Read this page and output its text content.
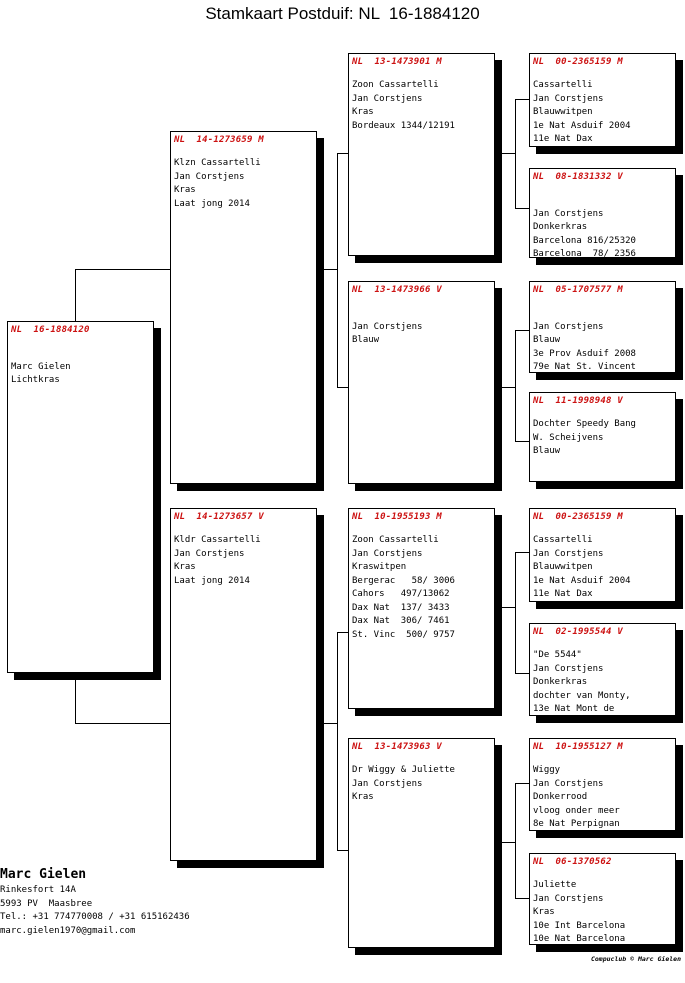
Stamkaart Postduif: NL  16-1884120
NL  16-1884120

Marc Gielen
Lichtkras
NL  14-1273659 M
Klzn Cassartelli
Jan Corstjens
Kras
Laat jong 2014
NL  14-1273657 V
Kldr Cassartelli
Jan Corstjens
Kras
Laat jong 2014
NL  13-1473901 M
Zoon Cassartelli
Jan Corstjens
Kras
Bordeaux 1344/12191
NL  13-1473966 V

Jan Corstjens
Blauw
NL  10-1955193 M
Zoon Cassartelli
Jan Corstjens
Kraswitpen
Bergerac   58/ 3006
Cahors   497/13062
Dax Nat  137/ 3433
Dax Nat  306/ 7461
St. Vinc  500/ 9757
NL  13-1473963 V
Dr Wiggy & Juliette
Jan Corstjens
Kras
NL  00-2365159 M
Cassartelli
Jan Corstjens
Blauwwitpen
1e Nat Asduif 2004
11e Nat Dax
NL  08-1831332 V

Jan Corstjens
Donkerkras
Barcelona 816/25320
Barcelona  78/ 2356
NL  05-1707577 M

Jan Corstjens
Blauw
3e Prov Asduif 2008
79e Nat St. Vincent
NL  11-1998948 V
Dochter Speedy Bang
W. Scheijvens
Blauw
NL  00-2365159 M
Cassartelli
Jan Corstjens
Blauwwitpen
1e Nat Asduif 2004
11e Nat Dax
NL  02-1995544 V
"De 5544"
Jan Corstjens
Donkerkras
dochter van Monty,
13e Nat Mont de
NL  10-1955127 M
Wiggy
Jan Corstjens
Donkerrood
vloog onder meer
8e Nat Perpignan
NL  06-1370562
Juliette
Jan Corstjens
Kras
10e Int Barcelona
10e Nat Barcelona
Marc Gielen
Rinkesfort 14A
5993 PV  Maasbree
Tel.: +31 774770008 / +31 615162436
marc.gielen1970@gmail.com
Compuclub © Marc Gielen
